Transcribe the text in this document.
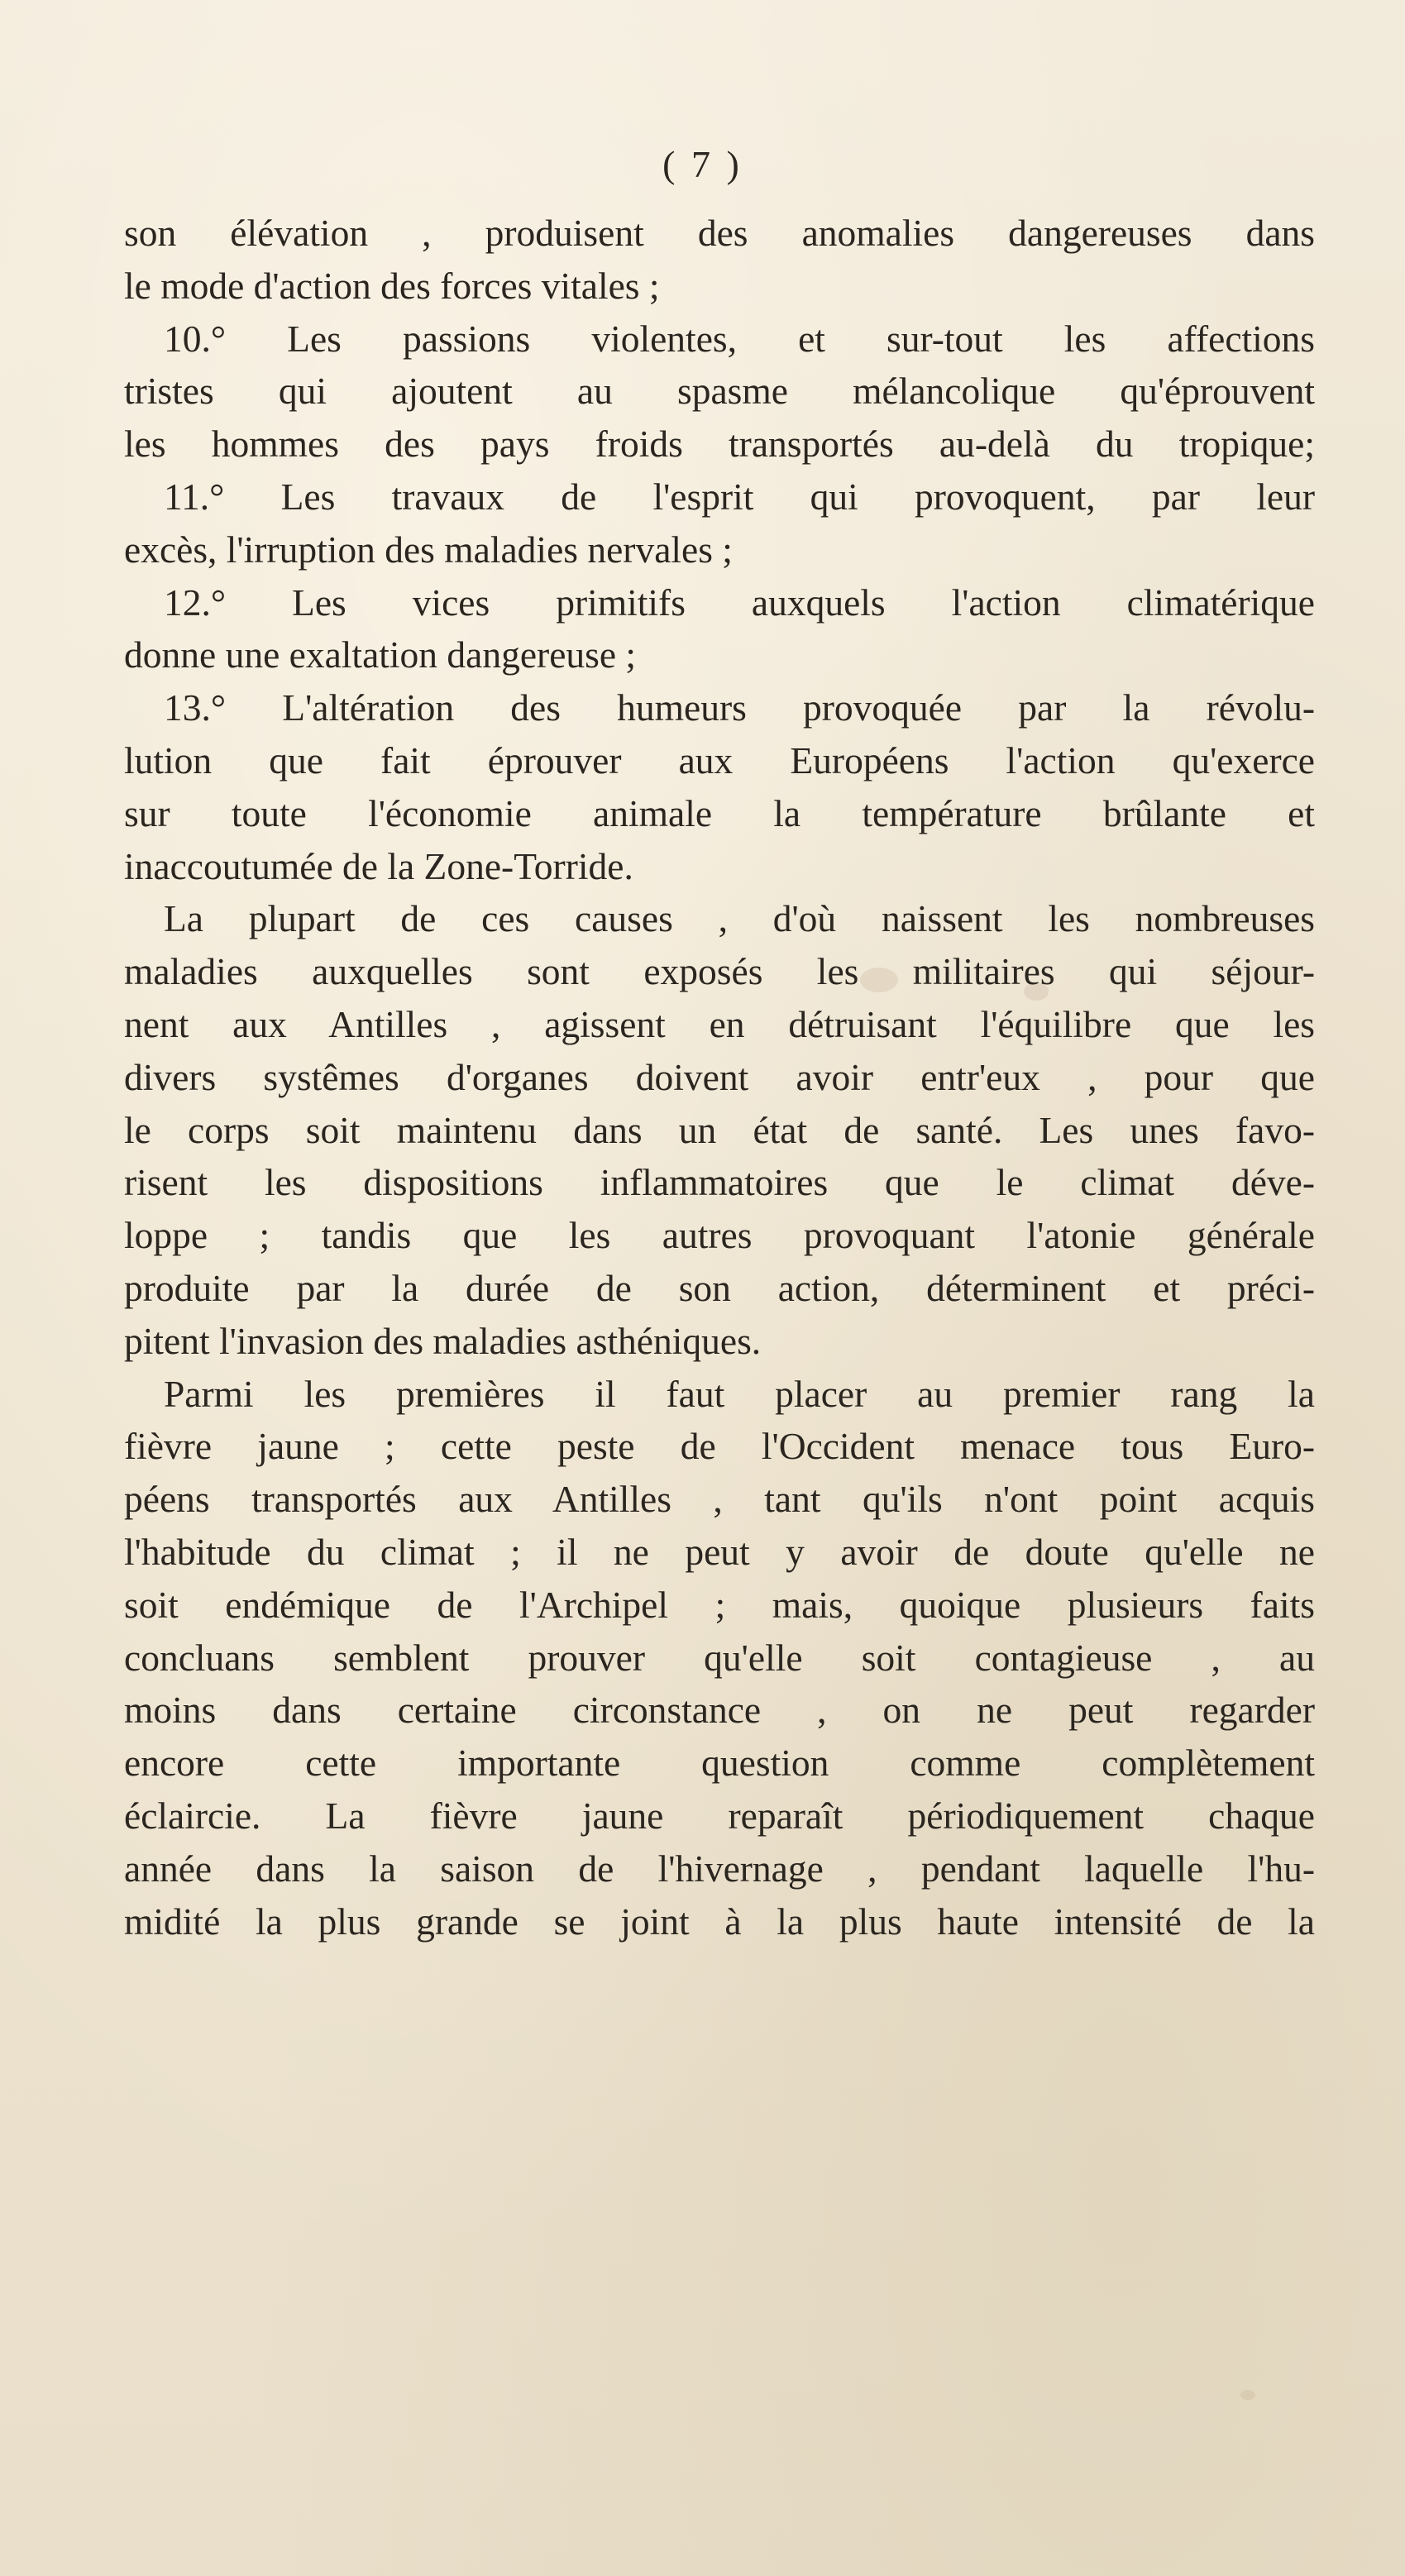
( 7 )
son élévation , produisent des anomalies dangereuses dans
le mode d'action des forces vitales ;
10.° Les passions violentes, et sur-tout les affections
tristes qui ajoutent au spasme mélancolique qu'éprouvent
les hommes des pays froids transportés au-delà du tropique;
11.° Les travaux de l'esprit qui provoquent, par leur
excès, l'irruption des maladies nervales ;
12.° Les vices primitifs auxquels l'action climatérique
donne une exaltation dangereuse ;
13.° L'altération des humeurs provoquée par la révolu-
lution que fait éprouver aux Européens l'action qu'exerce
sur toute l'économie animale la température brûlante et
inaccoutumée de la Zone-Torride.
La plupart de ces causes , d'où naissent les nombreuses
maladies auxquelles sont exposés les militaires qui séjour-
nent aux Antilles , agissent en détruisant l'équilibre que les
divers systêmes d'organes doivent avoir entr'eux , pour que
le corps soit maintenu dans un état de santé. Les unes favo-
risent les dispositions inflammatoires que le climat déve-
loppe ; tandis que les autres provoquant l'atonie générale
produite par la durée de son action, déterminent et préci-
pitent l'invasion des maladies asthéniques.
Parmi les premières il faut placer au premier rang la
fièvre jaune ; cette peste de l'Occident menace tous Euro-
péens transportés aux Antilles , tant qu'ils n'ont point acquis
l'habitude du climat ; il ne peut y avoir de doute qu'elle ne
soit endémique de l'Archipel ; mais, quoique plusieurs faits
concluans semblent prouver qu'elle soit contagieuse , au
moins dans certaine circonstance , on ne peut regarder
encore cette importante question comme complètement
éclaircie. La fièvre jaune reparaît périodiquement chaque
année dans la saison de l'hivernage , pendant laquelle l'hu-
midité la plus grande se joint à la plus haute intensité de la
